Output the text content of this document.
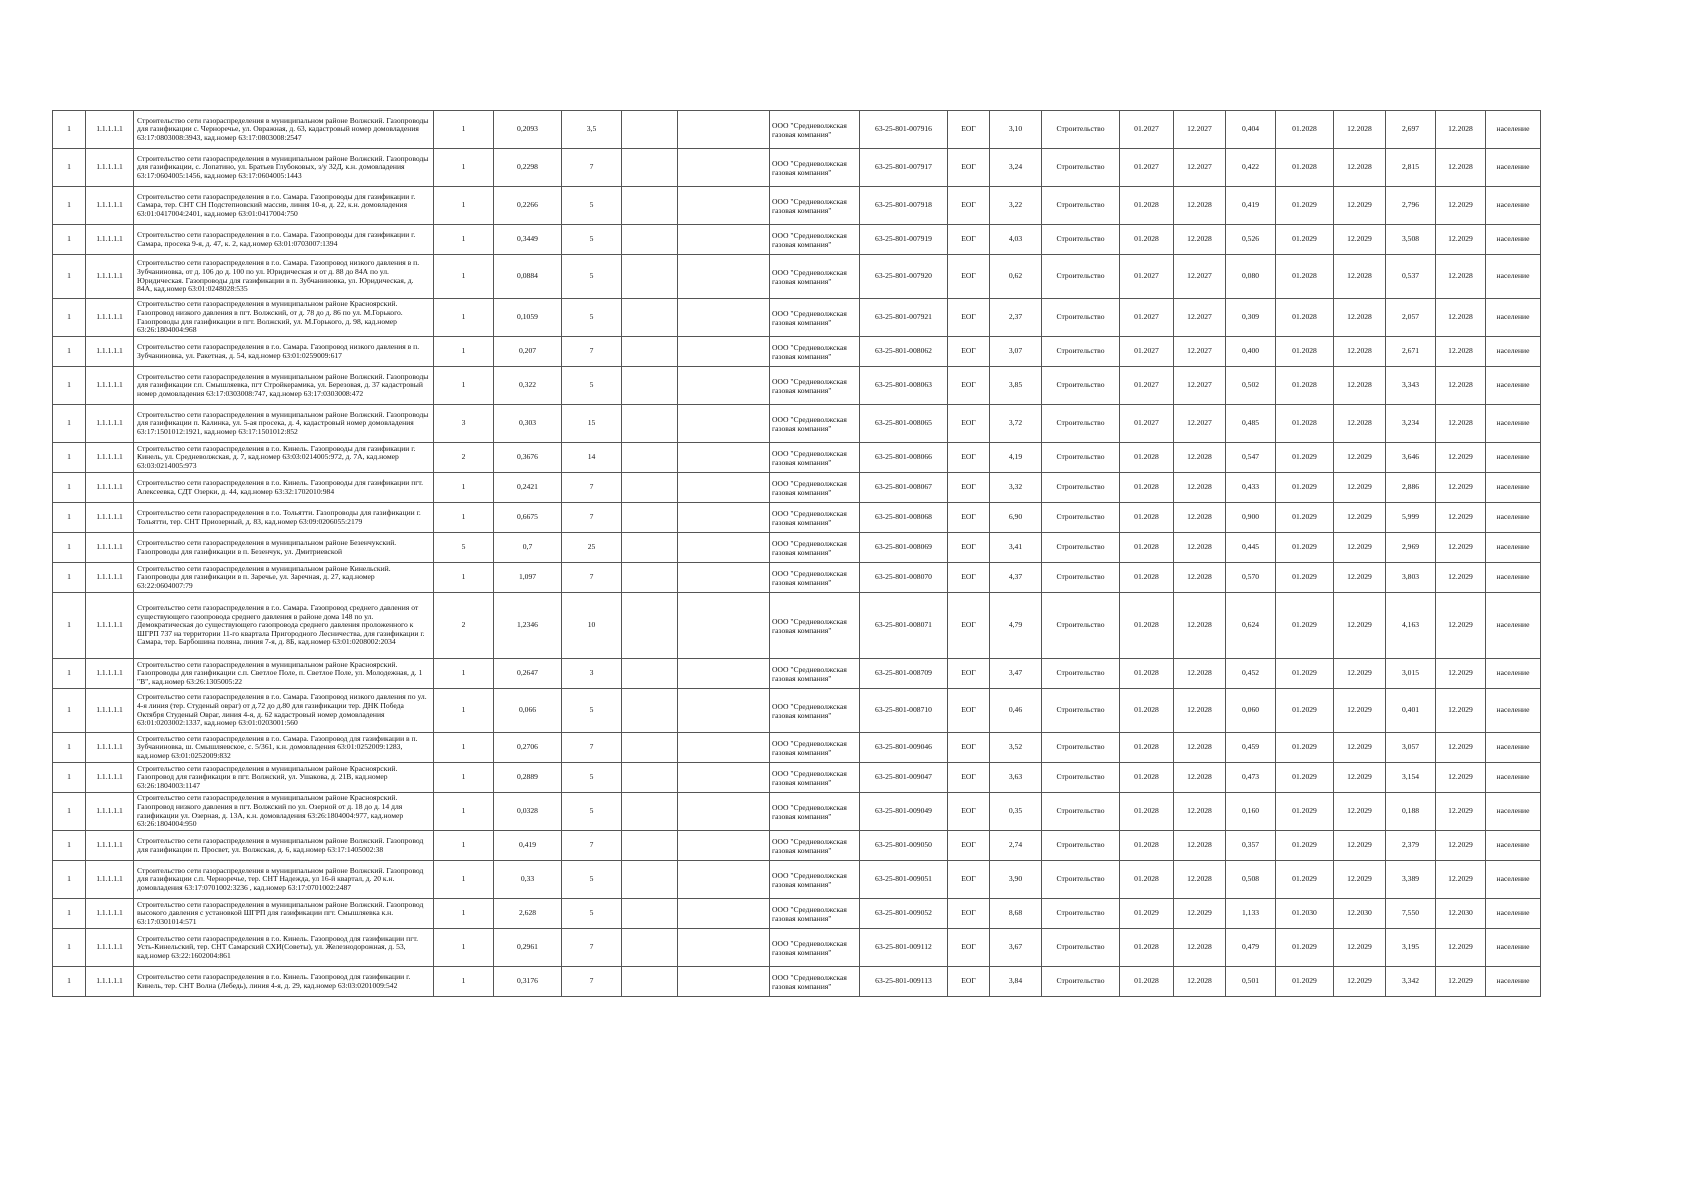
1	1.1.1.1.1	Строительство сети газораспределения в муниципальном районе Волжский. Газопроводы для газификации с. Черноречье, ул. Овражная, д. 63, кадастровый номер домовладения 63:17:0803008:3943, кад.номер 63:17:0803008:2547	1	0,2093	3,5			ООО "Средневолжская газовая компания"	63-25-801-007916	ЕОГ	3,10	Строительство	01.2027	12.2027	0,404	01.2028	12.2028	2,697	12.2028	население
1	1.1.1.1.1	Строительство сети газораспределения в муниципальном районе Волжский. Газопроводы для газификации, с. Лопатино, ул. Братьев Глубоковых, з/у 32Д, к.н. домовладения 63:17:0604005:1456, кад.номер 63:17:0604005:1443	1	0,2298	7			ООО "Средневолжская газовая компания"	63-25-801-007917	ЕОГ	3,24	Строительство	01.2027	12.2027	0,422	01.2028	12.2028	2,815	12.2028	население
1	1.1.1.1.1	Строительство сети газораспределения в г.о. Самара. Газопроводы для газификации г. Самара, тер. СНТ СН Подстепновский массив, линия 10-я, д. 22, к.н. домовладения 63:01:0417004:2401, кад.номер 63:01:0417004:750	1	0,2266	5			ООО "Средневолжская газовая компания"	63-25-801-007918	ЕОГ	3,22	Строительство	01.2028	12.2028	0,419	01.2029	12.2029	2,796	12.2029	население
1	1.1.1.1.1	Строительство сети газораспределения в г.о. Самара. Газопроводы для газификации г. Самара, просека 9-я, д. 47, к. 2, кад.номер 63:01:0703007:1394	1	0,3449	5			ООО "Средневолжская газовая компания"	63-25-801-007919	ЕОГ	4,03	Строительство	01.2028	12.2028	0,526	01.2029	12.2029	3,508	12.2029	население
1	1.1.1.1.1	Строительство сети газораспределения в г.о. Самара. Газопровод низкого давления в п. Зубчаниновка, от д. 106 до д. 100 по ул. Юридическая и от д. 88 до 84А по ул. Юридическая. Газопроводы для газификации в п. Зубчаниновка, ул. Юридическая, д. 84А, кад.номер 63:01:0248028:535	1	0,0884	5			ООО "Средневолжская газовая компания"	63-25-801-007920	ЕОГ	0,62	Строительство	01.2027	12.2027	0,080	01.2028	12.2028	0,537	12.2028	население
1	1.1.1.1.1	Строительство сети газораспределения в муниципальном районе Красноярский. Газопровод низкого давления в пгт. Волжский, от д. 78 до д. 86 по ул. М.Горького. Газопроводы для газификации в пгт. Волжский, ул. М.Горького, д. 98, кад.номер 63:26:1804004:968	1	0,1059	5			ООО "Средневолжская газовая компания"	63-25-801-007921	ЕОГ	2,37	Строительство	01.2027	12.2027	0,309	01.2028	12.2028	2,057	12.2028	население
1	1.1.1.1.1	Строительство сети газораспределения в г.о. Самара. Газопровод низкого давления в п. Зубчаниновка, ул. Ракетная, д. 54, кад.номер 63:01:0259009:617	1	0,207	7			ООО "Средневолжская газовая компания"	63-25-801-008062	ЕОГ	3,07	Строительство	01.2027	12.2027	0,400	01.2028	12.2028	2,671	12.2028	население
1	1.1.1.1.1	Строительство сети газораспределения в муниципальном районе Волжский. Газопроводы для газификации г.п. Смышляевка, пгт Стройкерамика, ул. Березовая, д. 37 кадастровый номер домовладения 63:17:0303008:747, кад.номер 63:17:0303008:472	1	0,322	5			ООО "Средневолжская газовая компания"	63-25-801-008063	ЕОГ	3,85	Строительство	01.2027	12.2027	0,502	01.2028	12.2028	3,343	12.2028	население
1	1.1.1.1.1	Строительство сети газораспределения в муниципальном районе Волжский. Газопроводы для газификации п. Калинка, ул. 5-ая просека, д. 4, кадастровый номер домовладения 63:17:1501012:1921, кад.номер 63:17:1501012:852	3	0,303	15			ООО "Средневолжская газовая компания"	63-25-801-008065	ЕОГ	3,72	Строительство	01.2027	12.2027	0,485	01.2028	12.2028	3,234	12.2028	население
1	1.1.1.1.1	Строительство сети газораспределения в г.о. Кинель. Газопроводы для газификации г. Кинель, ул. Средневолжская, д. 7, кад.номер 63:03:0214005:972, д. 7А, кад.номер 63:03:0214005:973	2	0,3676	14			ООО "Средневолжская газовая компания"	63-25-801-008066	ЕОГ	4,19	Строительство	01.2028	12.2028	0,547	01.2029	12.2029	3,646	12.2029	население
1	1.1.1.1.1	Строительство сети газораспределения в г.о. Кинель. Газопроводы для газификации пгт. Алексеевка, СДТ Озерки, д. 44, кад.номер 63:32:1702010:984	1	0,2421	7			ООО "Средневолжская газовая компания"	63-25-801-008067	ЕОГ	3,32	Строительство	01.2028	12.2028	0,433	01.2029	12.2029	2,886	12.2029	население
1	1.1.1.1.1	Строительство сети газораспределения в г.о. Тольятти. Газопроводы для газификации г. Тольятти, тер. СНТ Приозерный, д. 83, кад.номер 63:09:0206055:2179	1	0,6675	7			ООО "Средневолжская газовая компания"	63-25-801-008068	ЕОГ	6,90	Строительство	01.2028	12.2028	0,900	01.2029	12.2029	5,999	12.2029	население
1	1.1.1.1.1	Строительство сети газораспределения в муниципальном районе Безенчукский. Газопроводы для газификации в п. Безенчук, ул. Дмитриевской	5	0,7	25			ООО "Средневолжская газовая компания"	63-25-801-008069	ЕОГ	3,41	Строительство	01.2028	12.2028	0,445	01.2029	12.2029	2,969	12.2029	население
1	1.1.1.1.1	Строительство сети газораспределения в муниципальном районе Кинельский. Газопроводы для газификации в п. Заречье, ул. Заречная, д. 27, кад.номер 63:22:0604007:79	1	1,097	7			ООО "Средневолжская газовая компания"	63-25-801-008070	ЕОГ	4,37	Строительство	01.2028	12.2028	0,570	01.2029	12.2029	3,803	12.2029	население
1	1.1.1.1.1	Строительство сети газораспределения в г.о. Самара. Газопровод среднего давления от существующего газопровода среднего давления в районе дома 148 по ул. Демократическая до существующего газопровода среднего давления проложенного к ШГРП 737 на территории 11-го квартала Пригородного Лесничества, для газификации г. Самара, тер. Барбошина поляна, линия 7-я, д. 8Б, кад.номер 63:01:0208002:2034	2	1,2346	10			ООО "Средневолжская газовая компания"	63-25-801-008071	ЕОГ	4,79	Строительство	01.2028	12.2028	0,624	01.2029	12.2029	4,163	12.2029	население
1	1.1.1.1.1	Строительство сети газораспределения в муниципальном районе Красноярский. Газопроводы для газификации с.п. Светлое Поле, п. Светлое Поле, ул. Молодежная, д. 1 "В", кад.номер 63:26:1305005:22	1	0,2647	3			ООО "Средневолжская газовая компания"	63-25-801-008709	ЕОГ	3,47	Строительство	01.2028	12.2028	0,452	01.2029	12.2029	3,015	12.2029	население
1	1.1.1.1.1	Строительство сети газораспределения в г.о. Самара. Газопровод низкого давления по ул. 4-я линия (тер. Студеный овраг) от д.72 до д.80 для газификации тер. ДНК Победа Октября Студеный Овраг, линия 4-я, д. 62 кадастровый номер домовладения 63:01:0203002:1337, кад.номер 63:01:0203001:560	1	0,066	5			ООО "Средневолжская газовая компания"	63-25-801-008710	ЕОГ	0,46	Строительство	01.2028	12.2028	0,060	01.2029	12.2029	0,401	12.2029	население
1	1.1.1.1.1	Строительство сети газораспределения в г.о. Самара. Газопровод для газификации в п. Зубчаниновка, ш. Смышляевское, с. 5/361, к.н. домовладения 63:01:0252009:1283, кад.номер 63:01:0252009:832	1	0,2706	7			ООО "Средневолжская газовая компания"	63-25-801-009046	ЕОГ	3,52	Строительство	01.2028	12.2028	0,459	01.2029	12.2029	3,057	12.2029	население
1	1.1.1.1.1	Строительство сети газораспределения в муниципальном районе Красноярский. Газопровод для газификации в пгт. Волжский, ул. Ушакова, д. 21В, кад.номер 63:26:1804003:1147	1	0,2889	5			ООО "Средневолжская газовая компания"	63-25-801-009047	ЕОГ	3,63	Строительство	01.2028	12.2028	0,473	01.2029	12.2029	3,154	12.2029	население
1	1.1.1.1.1	Строительство сети газораспределения в муниципальном районе Красноярский. Газопровод низкого давления в пгт. Волжский по ул. Озерной от д. 18 до д. 14 для газификации ул. Озерная, д. 13А, к.н. домовладения 63:26:1804004:977, кад.номер 63:26:1804004:950	1	0,0328	5			ООО "Средневолжская газовая компания"	63-25-801-009049	ЕОГ	0,35	Строительство	01.2028	12.2028	0,160	01.2029	12.2029	0,188	12.2029	население
1	1.1.1.1.1	Строительство сети газораспределения в муниципальном районе Волжский. Газопровод для газификации п. Просвет, ул. Волжская, д. 6, кад.номер 63:17:1405002:38	1	0,419	7			ООО "Средневолжская газовая компания"	63-25-801-009050	ЕОГ	2,74	Строительство	01.2028	12.2028	0,357	01.2029	12.2029	2,379	12.2029	население
1	1.1.1.1.1	Строительство сети газораспределения в муниципальном районе Волжский. Газопровод для газификации с.п. Черноречье, тер. СНТ Надежда, ул 16-й квартал, д. 20 к.н. домовладения 63:17:0701002:3236 , кад.номер 63:17:0701002:2487	1	0,33	5			ООО "Средневолжская газовая компания"	63-25-801-009051	ЕОГ	3,90	Строительство	01.2028	12.2028	0,508	01.2029	12.2029	3,389	12.2029	население
1	1.1.1.1.1	Строительство сети газораспределения в муниципальном районе Волжский. Газопровод высокого давления с установкой ШГРП для газификации пгт. Смышляевка к.н. 63:17:0301014:571	1	2,628	5			ООО "Средневолжская газовая компания"	63-25-801-009052	ЕОГ	8,68	Строительство	01.2029	12.2029	1,133	01.2030	12.2030	7,550	12.2030	население
1	1.1.1.1.1	Строительство сети газораспределения в г.о. Кинель. Газопровод для газификации пгт. Усть-Кинельский, тер. СНТ Самарский СХИ(Советы), ул. Железнодорожная, д. 53, кад.номер 63:22:1602004:861	1	0,2961	7			ООО "Средневолжская газовая компания"	63-25-801-009112	ЕОГ	3,67	Строительство	01.2028	12.2028	0,479	01.2029	12.2029	3,195	12.2029	население
1	1.1.1.1.1	Строительство сети газораспределения в г.о. Кинель. Газопровод для газификации г. Кинель, тер. СНТ Волна (Лебедь), линия 4-я, д. 29, кад.номер 63:03:0201009:542	1	0,3176	7			ООО "Средневолжская газовая компания"	63-25-801-009113	ЕОГ	3,84	Строительство	01.2028	12.2028	0,501	01.2029	12.2029	3,342	12.2029	население
